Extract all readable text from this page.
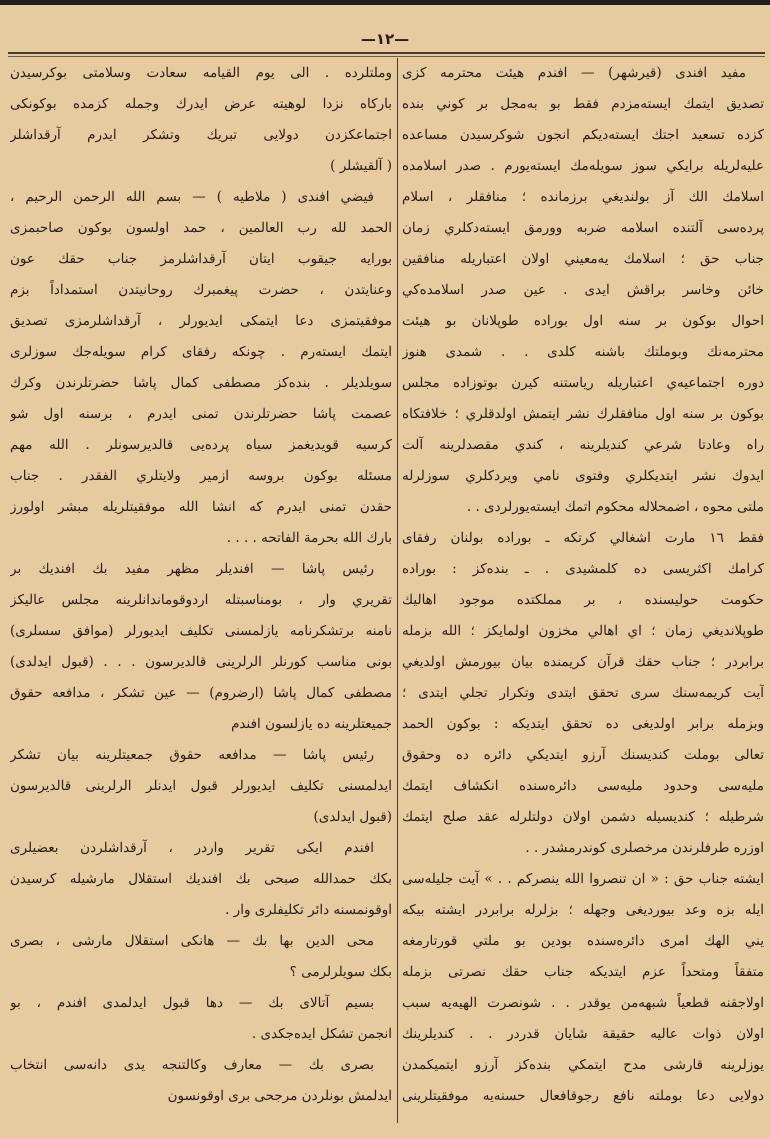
—١٢—
مفيد افندى (قيرشهر) — افندم هيئت محترمه كزى
تصديق ايتمك ايسته‌مزدم فقط بو به‌مجل بر كوني بنده‌
كزده تسعيد اجتك ايسته‌ديكم انجون شوكرسيدن مساعده‌
عليه‌لريله برايكي سوز سويله‌مك ايسته‌يورم . صدر اسلامده
اسلامك الك آز بولنديغي برزمانده ؛ منافقلر ، اسلام
پرده‌سى آلتنده اسلامه ضربه وورمق ايسته‌دكلري زمان
جناب حق ؛ اسلامك يه‌معيني اولان اعتباريله منافقين
خائن وخاسر براقش ايدى . عين صدر اسلامده‌كي
احوال بوكون بر سنه اول بوراده طوپلانان بو هيئت
محترمه‌نك وبوملتك باشنه كلدى . . شمدى هنوز
دوره اجتماعيه‌ي اعتباريله رياستنه كيرن بوتوزاده مجلس
بوكون بر سنه اول منافقلرك نشر ايتمش اولدقلري ؛ خلافتكاه
راه وعادتا شرعي كنديلرينه ، كندي مقصدلرينه آلت
ايدوك نشر ايتديكلري وفتوى نامي ويردكلري سوزلرله
ملتى محوه ، اضمحلاله محكوم اتمك ايسته‌يورلردى . .
فقط ١٦ مارت اشغالي كرتكه ـ بوراده بولنان رفقاى
كرامك اكثريسى ده كلمشيدى . ـ بنده‌كز : بوراده
حكومت حوليسنده ، بر مملكتده موجود اهاليك
طوپلانديغي زمان ؛ اي اهالي مخزون اولمايكز ؛ الله بزمله
برابردر ؛ جناب حقك قرآن كريمنده بيان بيورمش اولديغي
آيت كريمه‌سنك سرى تحقق ايتدى وتكرار تجلي ايتدى ؛
وبزمله برابر اولديغى ده تحقق ايتديكه : بوكون الحمد
تعالى بوملت كنديسنك آرزو ايتديكي دائره ده وحقوق
مليه‌سى وحدود مليه‌سى دائره‌سنده انكشاف ايتمك
شرطيله ؛ كنديسيله دشمن اولان دولتلرله عقد صلح ايتمك
اوزره طرفلرندن مرخصلرى كوندرمشدر . .
ايشته جناب حق : « ان تنصروا الله ينصركم . . » آيت جليله‌سى
ايله بزه وعد بيورديغى وجهله ؛ بزلرله برابردر ايشته بيكه
يني الهك امرى دائره‌سنده بودين بو ملتي قورتارمغه
متفقاً ومتحداً عزم ايتديكه جناب حقك نصرتى بزمله
اولاجقنه قطعياً شبهه‌من يوقدر . . شونصرت الهيه‌يه سبب
اولان ذوات عاليه حقيقة شايان قدردر . . كنديلرينك
يوزلرينه قارشى مدح ايتمكي بنده‌كز آرزو ايتميكمدن
دولايى دعا بوملته نافع رجوقافعال حسنه‌يه موفقيتلرينى
وملتلرده . الى يوم القيامه سعادت وسلامتى بوكرسيدن
باركاه نزدا لوهيته عرض ايدرك وجمله كزمده بوكونكى
اجتماعكزدن دولايى تبريك وتشكر ايدرم آرقداشلر
( آلقيشلر )
فيضي افندى ( ملاطيه ) — بسم الله الرحمن الرحيم ،
الحمد لله رب العالمين ، حمد اولسون بوكون صاحبمزى
بورايه جيقوب ايتان آرقداشلرمز جناب حقك عون
وعنايتدن ، حضرت پيغمبرك روحانيتدن استمداداً بزم
موفقيتمزى دعا ايتمكى ايديورلر ، آرقداشلرمزى تصديق
ايتمك ايسته‌رم . چونكه رفقاى كرام سويله‌جك سوزلرى
سويلديلر . بنده‌كز مصطفى كمال پاشا حضرتلرندن وكرك
عصمت پاشا حضرتلرندن تمنى ايدرم ، برسنه اول شو
كرسيه قويديغمز سياه پرده‌يى قالديرسونلر . الله مهم
مسئله بوكون بروسه ازمير ولايتلري الفقدر . جناب
حقدن تمنى ايدرم كه انشا الله موفقيتلريله مبشر اولورز
بارك الله بحرمة الفاتحه . . . .
رئيس پاشا — افنديلر مظهر مفيد بك افنديك بر
تقريري وار ، بومناسبتله اردوقوماندانلرينه مجلس عاليكز
نامنه برتشكرنامه يازلمسنى تكليف ايديورلر (موافق سسلرى)
بونى مناسب كورنلر الرلرينى قالديرسون . . . (قبول ايدلدى)
مصطفى كمال پاشا (ارضروم) — عين تشكر ، مدافعه حقوق
جميعتلرينه ده يازلسون افندم
رئيس پاشا — مدافعه حقوق جمعيتلرينه بيان تشكر
ايدلمسنى تكليف ايديورلر قبول ايدنلر الرلرينى قالديرسون
(قبول ايدلدى)
افندم ايكى تقرير واردر ، آرقداشلردن بعضيلرى
بكك حمدالله صبحى بك افنديك استقلال مارشيله كرسيدن
اوقونمسنه دائر تكليفلرى وار .
محى الدين بها بك — هانكى استقلال مارشى ، بصرى
بكك سويلرلرمى ؟
بسيم آتالاى بك — دها قبول ايدلمدى افندم ، بو
انجمن تشكل ايده‌جكدى .
بصرى بك — معارف وكالتنجه يدى دانه‌سى انتخاب
ايدلمش بونلردن مرجحى برى اوقونسون
